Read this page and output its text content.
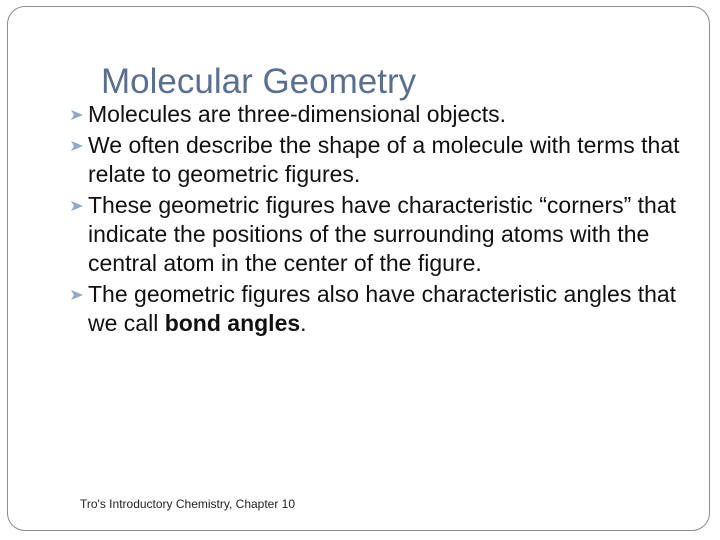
Molecular Geometry
Molecules are three-dimensional objects.
We often describe the shape of a molecule with terms that relate to geometric figures.
These geometric figures have characteristic “corners” that indicate the positions of the surrounding atoms with the central atom in the center of the figure.
The geometric figures also have characteristic angles that we call bond angles.
Tro's Introductory Chemistry, Chapter 10
